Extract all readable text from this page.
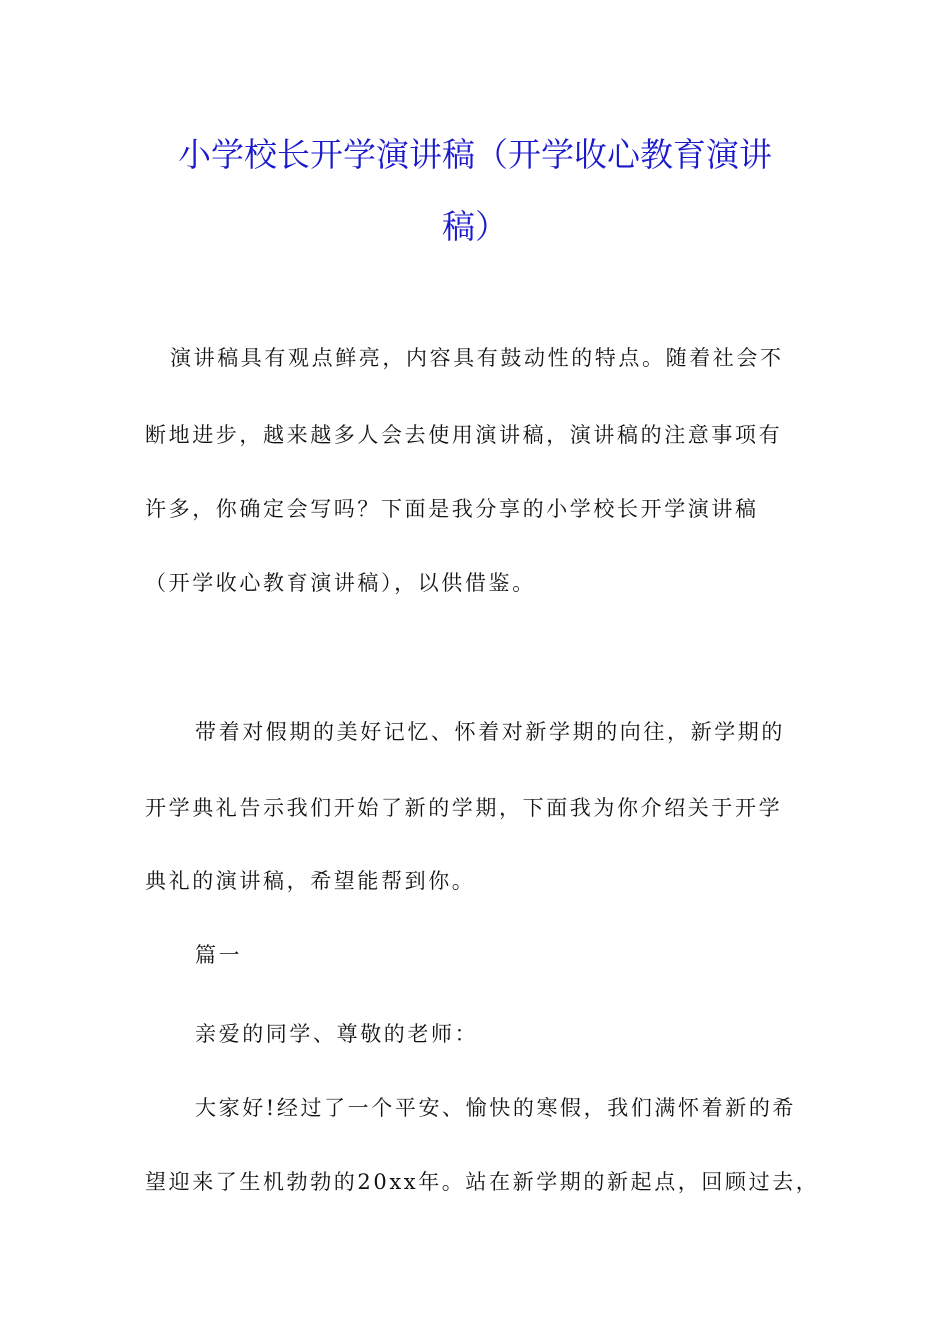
小学校长开学演讲稿（开学收心教育演讲
稿）
演讲稿具有观点鲜亮，内容具有鼓动性的特点。随着社会不
断地进步，越来越多人会去使用演讲稿，演讲稿的注意事项有
许多，你确定会写吗？下面是我分享的小学校长开学演讲稿
（开学收心教育演讲稿），以供借鉴。
带着对假期的美好记忆、怀着对新学期的向往，新学期的
开学典礼告示我们开始了新的学期，下面我为你介绍关于开学
典礼的演讲稿，希望能帮到你。
篇一
亲爱的同学、尊敬的老师：
大家好!经过了一个平安、愉快的寒假，我们满怀着新的希
望迎来了生机勃勃的20xx年。站在新学期的新起点，回顾过去，
